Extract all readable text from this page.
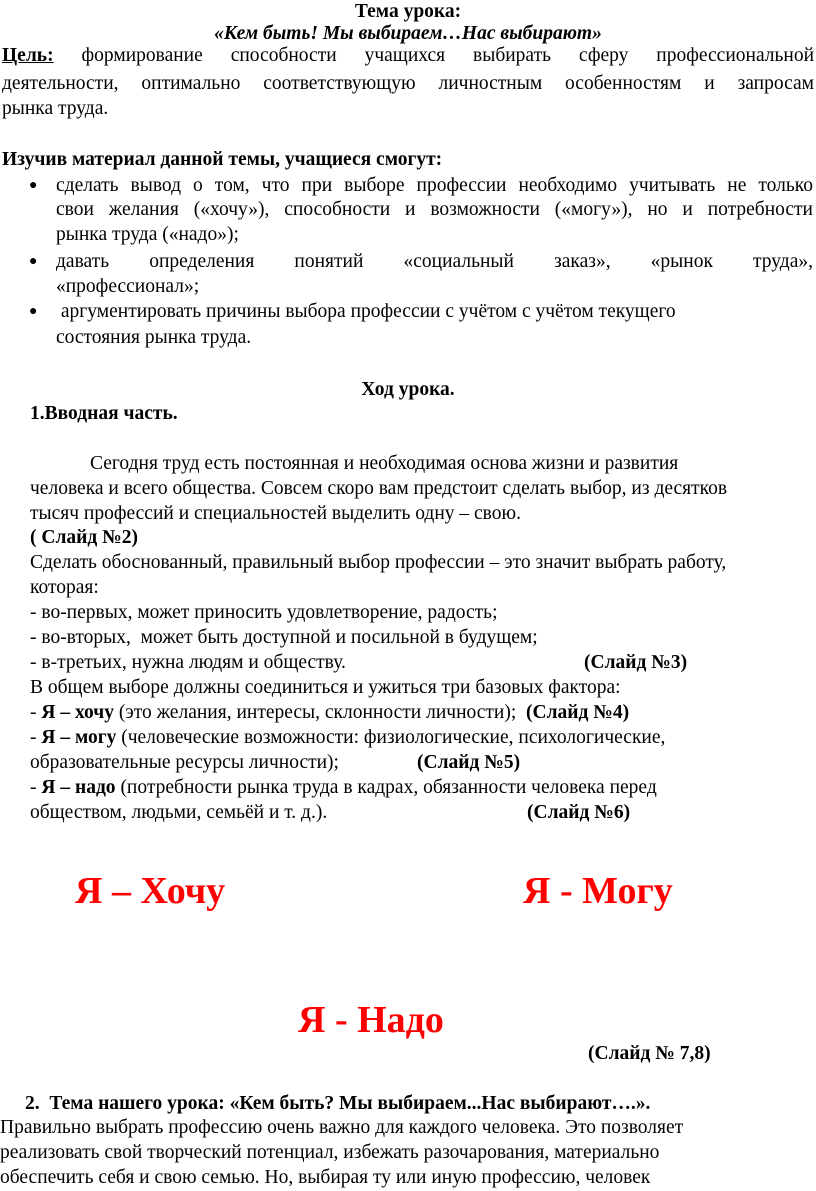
Тема урока:
«Кем быть! Мы выбираем…Нас выбирают»
Цель: формирование способности учащихся выбирать сферу профессиональной
деятельности, оптимально соответствующую личностным особенностям и запросам
рынка труда.
Изучив материал данной темы, учащиеся смогут:
● сделать вывод о том, что при выборе профессии необходимо учитывать не только
свои желания («хочу»), способности и возможности («могу»), но и потребности
рынка труда («надо»);
● давать определения понятий «социальный заказ», «рынок труда»,
«профессионал»;
● аргументировать причины выбора профессии с учётом с учётом текущего
состояния рынка труда.
Ход урока.
1.Вводная часть.
Сегодня труд есть постоянная и необходимая основа жизни и развития
человека и всего общества. Совсем скоро вам предстоит сделать выбор, из десятков
тысяч профессий и специальностей выделить одну – свою.
( Слайд №2)
Сделать обоснованный, правильный выбор профессии – это значит выбрать работу,
которая:
- во-первых, может приносить удовлетворение, радость;
- во-вторых,  может быть доступной и посильной в будущем;
- в-третьих, нужна людям и обществу.	(Слайд №3)
В общем выборе должны соединиться и ужиться три базовых фактора:
- Я – хочу (это желания, интересы, склонности личности);  (Слайд №4)
- Я – могу (человеческие возможности: физиологические, психологические,
образовательные ресурсы личности);	(Слайд №5)
- Я – надо (потребности рынка труда в кадрах, обязанности человека перед
обществом, людьми, семьёй и т. д.).	(Слайд №6)
Я – Хочу	Я - Могу
Я - Надо
(Слайд № 7,8)
2.  Тема нашего урока: «Кем быть? Мы выбираем...Нас выбирают….».
Правильно выбрать профессию очень важно для каждого человека. Это позволяет
реализовать свой творческий потенциал, избежать разочарования, материально
обеспечить себя и свою семью. Но, выбирая ту или иную профессию, человек
